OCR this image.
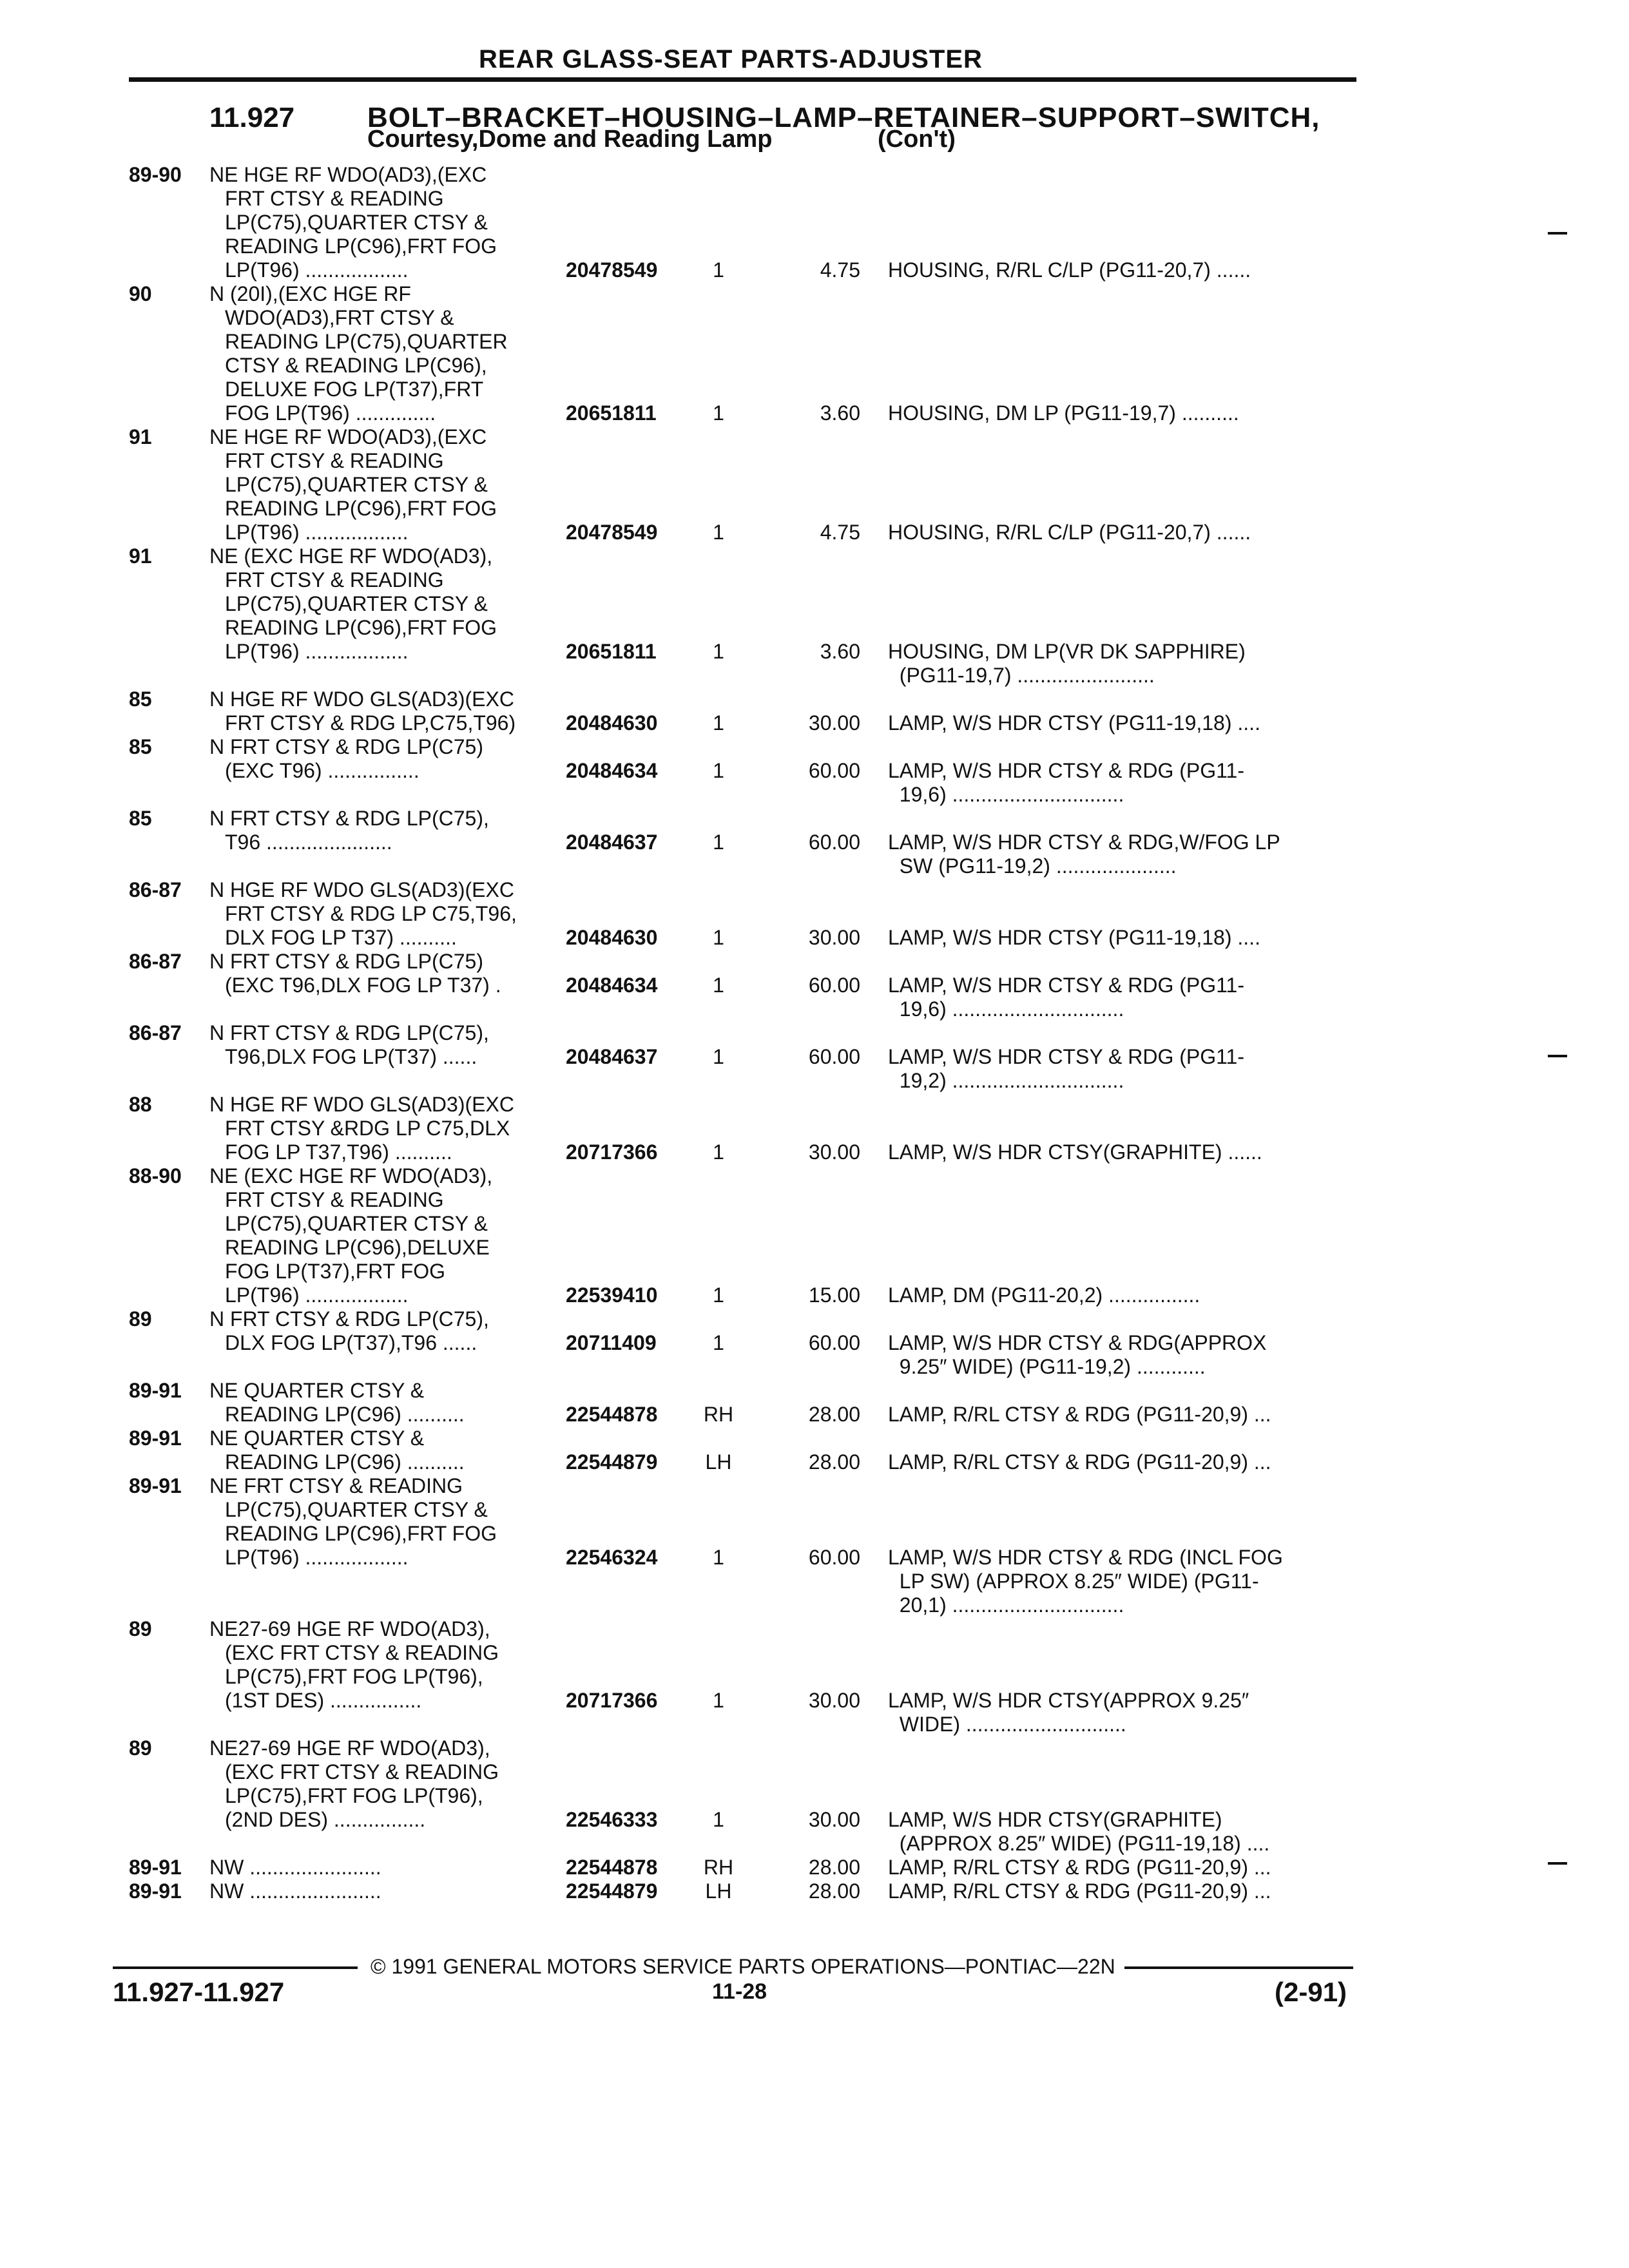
REAR GLASS-SEAT PARTS-ADJUSTER
11.927	BOLT–BRACKET–HOUSING–LAMP–RETAINER–SUPPORT–SWITCH,
Courtesy,Dome and Reading Lamp	(Con't)
89-90 NE HGE RF WDO(AD3),(EXC
FRT CTSY & READING
LP(C75),QUARTER CTSY &
READING LP(C96),FRT FOG
LP(T96) ..................	20478549	1	4.75 HOUSING, R/RL C/LP (PG11-20,7) ......
90	N (20I),(EXC HGE RF
WDO(AD3),FRT CTSY &
READING LP(C75),QUARTER
CTSY & READING LP(C96),
DELUXE FOG LP(T37),FRT
FOG LP(T96) ..............	20651811	1	3.60 HOUSING, DM LP (PG11-19,7) ..........
91	NE HGE RF WDO(AD3),(EXC
FRT CTSY & READING
LP(C75),QUARTER CTSY &
READING LP(C96),FRT FOG
LP(T96) ..................	20478549	1	4.75 HOUSING, R/RL C/LP (PG11-20,7) ......
91	NE (EXC HGE RF WDO(AD3),
FRT CTSY & READING
LP(C75),QUARTER CTSY &
READING LP(C96),FRT FOG
LP(T96) ..................	20651811	1	3.60 HOUSING, DM LP(VR DK SAPPHIRE)
(PG11-19,7) ........................
85	N HGE RF WDO GLS(AD3)(EXC
FRT CTSY & RDG LP,C75,T96) 20484630	1	30.00 LAMP, W/S HDR CTSY (PG11-19,18) ....
85	N FRT CTSY & RDG LP(C75)
(EXC T96) ................	20484634	1	60.00 LAMP, W/S HDR CTSY & RDG (PG11-
19,6) ..............................
85	N FRT CTSY & RDG LP(C75),
T96 ......................	20484637	1	60.00 LAMP, W/S HDR CTSY & RDG,W/FOG LP
SW (PG11-19,2) .....................
86-87 N HGE RF WDO GLS(AD3)(EXC
FRT CTSY & RDG LP C75,T96,
DLX FOG LP T37) ..........	20484630	1	30.00 LAMP, W/S HDR CTSY (PG11-19,18) ....
86-87 N FRT CTSY & RDG LP(C75)
(EXC T96,DLX FOG LP T37) .	20484634	1	60.00 LAMP, W/S HDR CTSY & RDG (PG11-
19,6) ..............................
86-87 N FRT CTSY & RDG LP(C75),
T96,DLX FOG LP(T37) ......	20484637	1	60.00 LAMP, W/S HDR CTSY & RDG (PG11-
19,2) ..............................
88	N HGE RF WDO GLS(AD3)(EXC
FRT CTSY &RDG LP C75,DLX
FOG LP T37,T96) ..........	20717366	1	30.00 LAMP, W/S HDR CTSY(GRAPHITE) ......
88-90 NE (EXC HGE RF WDO(AD3),
FRT CTSY & READING
LP(C75),QUARTER CTSY &
READING LP(C96),DELUXE
FOG LP(T37),FRT FOG
LP(T96) ..................	22539410	1	15.00 LAMP, DM (PG11-20,2) ................
89	N FRT CTSY & RDG LP(C75),
DLX FOG LP(T37),T96 ......	20711409	1	60.00 LAMP, W/S HDR CTSY & RDG(APPROX
9.25″ WIDE) (PG11-19,2) ............
89-91 NE QUARTER CTSY &
READING LP(C96) ..........	22544878	RH	28.00 LAMP, R/RL CTSY & RDG (PG11-20,9) ...
89-91 NE QUARTER CTSY &
READING LP(C96) ..........	22544879	LH	28.00 LAMP, R/RL CTSY & RDG (PG11-20,9) ...
89-91 NE FRT CTSY & READING
LP(C75),QUARTER CTSY &
READING LP(C96),FRT FOG
LP(T96) ..................	22546324	1	60.00 LAMP, W/S HDR CTSY & RDG (INCL FOG
LP SW) (APPROX 8.25″ WIDE) (PG11-
20,1) ..............................
89	NE27-69 HGE RF WDO(AD3),
(EXC FRT CTSY & READING
LP(C75),FRT FOG LP(T96),
(1ST DES) ................	20717366	1	30.00 LAMP, W/S HDR CTSY(APPROX 9.25″
WIDE) ............................
89	NE27-69 HGE RF WDO(AD3),
(EXC FRT CTSY & READING
LP(C75),FRT FOG LP(T96),
(2ND DES) ................	22546333	1	30.00 LAMP, W/S HDR CTSY(GRAPHITE)
(APPROX 8.25″ WIDE) (PG11-19,18) ....
89-91 NW .......................	22544878	RH	28.00 LAMP, R/RL CTSY & RDG (PG11-20,9) ...
89-91 NW .......................	22544879	LH	28.00 LAMP, R/RL CTSY & RDG (PG11-20,9) ...
© 1991 GENERAL MOTORS SERVICE PARTS OPERATIONS—PONTIAC—22N
11.927-11.927	11-28	(2-91)
